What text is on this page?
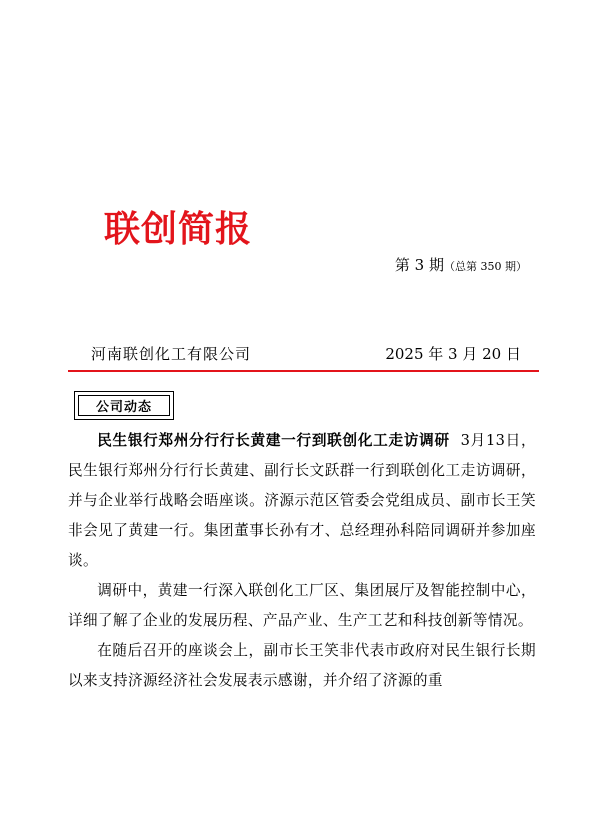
联创简报
第 3 期（总第 350 期）
河南联创化工有限公司	2025 年 3 月 20 日
公司动态

民生银行郑州分行行长黄建一行到联创化工走访调研 3月13日，民生银行郑州分行行长黄建、副行长文跃群一行到联创化工走访调研，并与企业举行战略会晤座谈。济源示范区管委会党组成员、副市长王笑非会见了黄建一行。集团董事长孙有才、总经理孙科陪同调研并参加座谈。

调研中，黄建一行深入联创化工厂区、集团展厅及智能控制中心，详细了解了企业的发展历程、产品产业、生产工艺和科技创新等情况。

在随后召开的座谈会上，副市长王笑非代表市政府对民生银行长期以来支持济源经济社会发展表示感谢，并介绍了济源的重
